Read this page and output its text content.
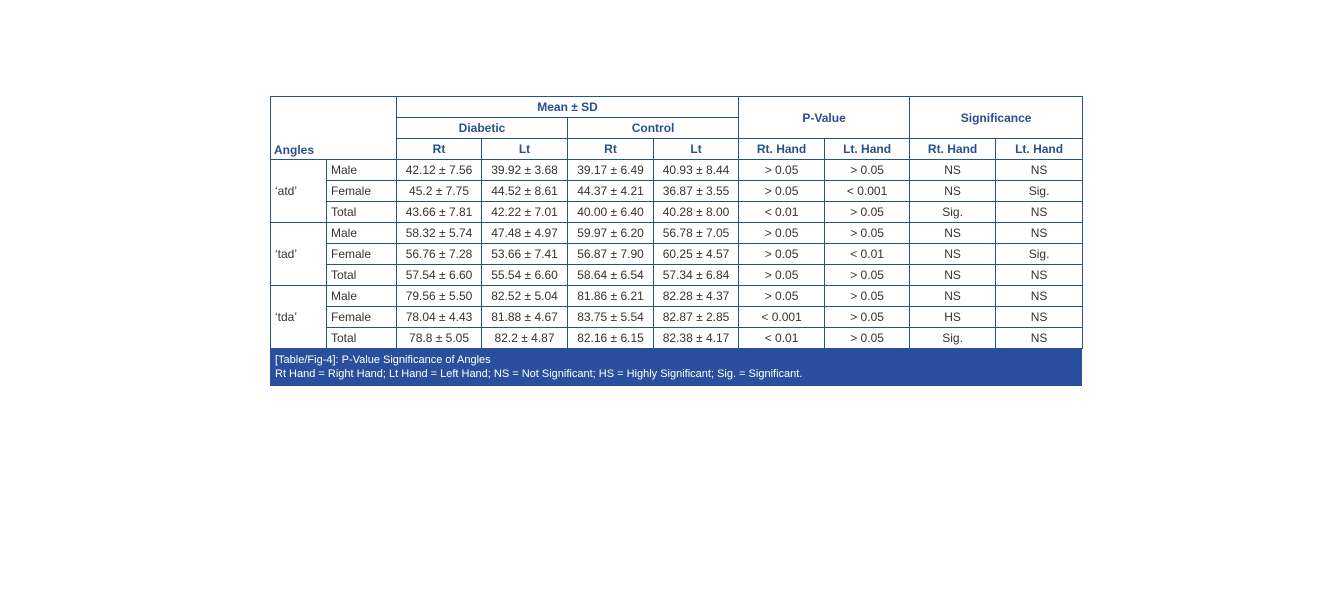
Angles		Mean ± SD				P-Value		Significance	
		Diabetic		Control					
		Rt	Lt	Rt	Lt	Rt. Hand	Lt. Hand	Rt. Hand	Lt. Hand
‘atd’	Male	42.12 ± 7.56	39.92 ± 3.68	39.17 ± 6.49	40.93 ± 8.44	> 0.05	> 0.05	NS	NS
	Female	45.2 ± 7.75	44.52 ± 8.61	44.37 ± 4.21	36.87 ± 3.55	> 0.05	< 0.001	NS	Sig.
	Total	43.66 ± 7.81	42.22 ± 7.01	40.00 ± 6.40	40.28 ± 8.00	< 0.01	> 0.05	Sig.	NS
‘tad’	Male	58.32 ± 5.74	47.48 ± 4.97	59.97 ± 6.20	56.78 ± 7.05	> 0.05	> 0.05	NS	NS
	Female	56.76 ± 7.28	53.66 ± 7.41	56.87 ± 7.90	60.25 ± 4.57	> 0.05	< 0.01	NS	Sig.
	Total	57.54 ± 6.60	55.54 ± 6.60	58.64 ± 6.54	57.34 ± 6.84	> 0.05	> 0.05	NS	NS
‘tda’	Male	79.56 ± 5.50	82.52 ± 5.04	81.86 ± 6.21	82.28 ± 4.37	> 0.05	> 0.05	NS	NS
	Female	78.04 ± 4.43	81.88 ± 4.67	83.75 ± 5.54	82.87 ± 2.85	< 0.001	> 0.05	HS	NS
	Total	78.8 ± 5.05	82.2 ± 4.87	82.16 ± 6.15	82.38 ± 4.17	< 0.01	> 0.05	Sig.	NS
[Table/Fig-4]: P-Value Significance of Angles
Rt Hand = Right Hand; Lt Hand = Left Hand; NS = Not Significant; HS = Highly Significant; Sig. = Significant.
